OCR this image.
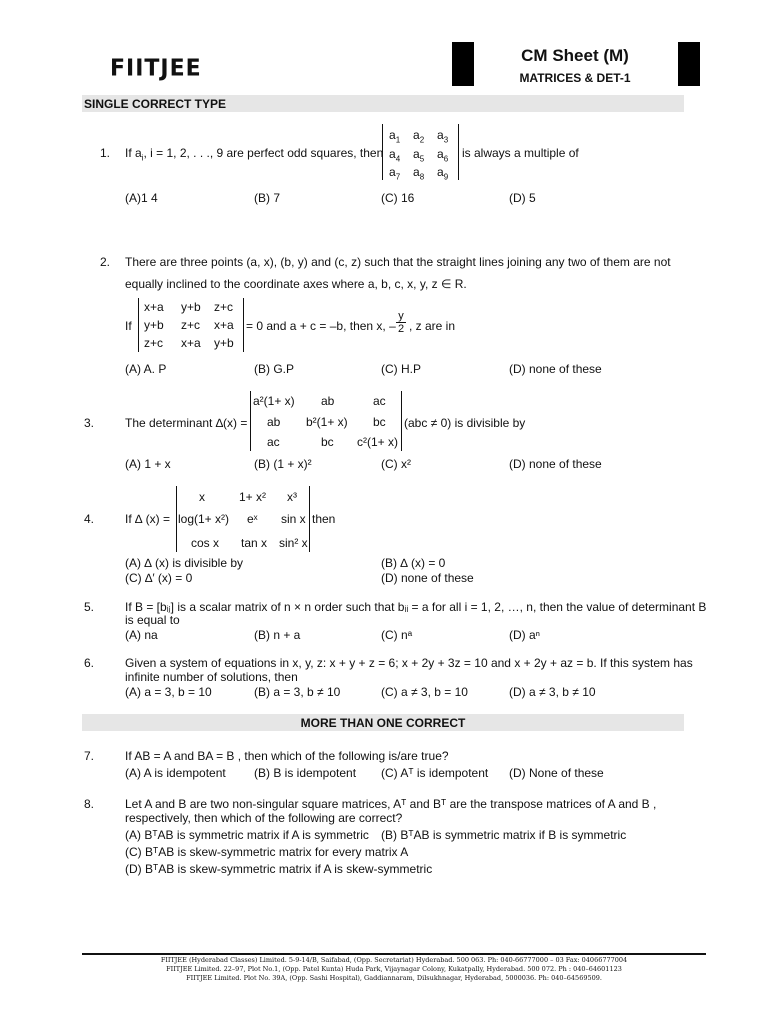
FIITJEE	CM Sheet (M)
MATRICES & DET-1
SINGLE CORRECT TYPE
1. If $a_i$, i = 1, 2, . . ., 9 are perfect odd squares, then
$a_1$ $a_2$ $a_3$
$a_4$ $a_5$ $a_6$
$a_7$ $a_8$ $a_9$
is always a multiple of
(A)1 4	(B) 7	(C) 16	(D) 5
2. There are three points (a, x), (b, y) and (c, z) such that the straight lines joining any two of them are not
equally inclined to the coordinate axes where a, b, c, x, y, z ∈ R.
If
x+a y+b z+c
y+b z+c x+a
z+c x+a y+b
= 0 and a + c = –b, then x, –
y
2 , z are in
(A) A. P	(B) G.P	(C) H.P	(D) none of these
3.	The determinant ∆(x) =
a²(1+ x) ab	ac
ab b²(1+ x) bc
ac	bc c²(1+ x)
(abc ≠ 0) is divisible by
(A) 1 + x	(B) (1 + x)²	(C) x²	(D) none of these
4.	If ∆ (x) =
x	1+ x² x³
log(1+ x²) eˣ sin x
cos x tan x sin² x
then
(A) ∆ (x) is divisible by	(B) ∆ (x) = 0
(C) ∆′ (x) = 0	(D) none of these
5.	If B = [bᵢⱼ] is a scalar matrix of n × n order such that bᵢᵢ = a for all i = 1, 2, …, n, then the value of determinant B
is equal to
(A) na	(B) n + a	(C) nᵃ	(D) aⁿ
6.	Given a system of equations in x, y, z: x + y + z = 6; x + 2y + 3z = 10 and x + 2y + az = b. If this system has
infinite number of solutions, then
(A) a = 3, b = 10	(B) a = 3, b ≠ 10	(C) a ≠ 3, b = 10	(D) a ≠ 3, b ≠ 10
MORE THAN ONE CORRECT
7.	If AB = A and BA = B , then which of the following is/are true?
(A) A is idempotent (B) B is idempotent (C) Aᵀ is idempotent (D) None of these
8.	Let A and B are two non-singular square matrices, Aᵀ and Bᵀ are the transpose matrices of A and B ,
respectively, then which of the following are correct?
(A) BᵀAB is symmetric matrix if A is symmetric (B) BᵀAB is symmetric matrix if B is symmetric
(C) BᵀAB is skew-symmetric matrix for every matrix A
(D) BᵀAB is skew-symmetric matrix if A is skew-symmetric
FIITJEE (Hyderabad Classes) Limited. 5-9-14/B, Saifabad, (Opp. Secretariat) Hyderabad. 500 063. Ph: 040-66777000 – 03 Fax: 04066777004
FIITJEE Limited. 22–97, Plot No.1, (Opp. Patel Kunta) Huda Park, Vijaynagar Colony, Kukatpally, Hyderabad. 500 072. Ph : 040–64601123
FIITJEE Limited. Plot No. 39A, (Opp. Sashi Hospital), Gaddiannaram, Dilsukhnagar, Hyderabad, 5000036. Ph: 040–64569509.
